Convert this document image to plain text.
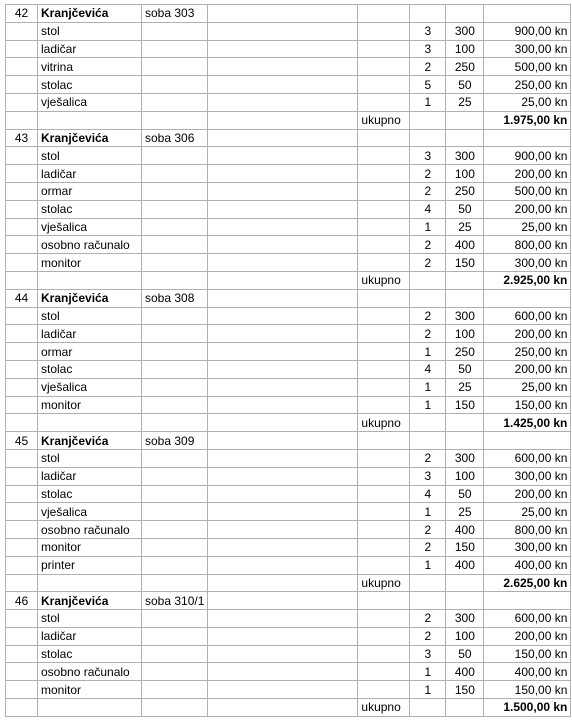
42	Kranjčevića	soba 303					
	stol				3	300	900,00 kn
	ladičar				3	100	300,00 kn
	vitrina				2	250	500,00 kn
	stolac				5	50	250,00 kn
	vješalica				1	25	25,00 kn
				ukupno			1.975,00 kn
43	Kranjčevića	soba 306					
	stol				3	300	900,00 kn
	ladičar				2	100	200,00 kn
	ormar				2	250	500,00 kn
	stolac				4	50	200,00 kn
	vješalica				1	25	25,00 kn
	osobno računalo				2	400	800,00 kn
	monitor				2	150	300,00 kn
				ukupno			2.925,00 kn
44	Kranjčevića	soba 308					
	stol				2	300	600,00 kn
	ladičar				2	100	200,00 kn
	ormar				1	250	250,00 kn
	stolac				4	50	200,00 kn
	vješalica				1	25	25,00 kn
	monitor				1	150	150,00 kn
				ukupno			1.425,00 kn
45	Kranjčevića	soba 309					
	stol				2	300	600,00 kn
	ladičar				3	100	300,00 kn
	stolac				4	50	200,00 kn
	vješalica				1	25	25,00 kn
	osobno računalo				2	400	800,00 kn
	monitor				2	150	300,00 kn
	printer				1	400	400,00 kn
				ukupno			2.625,00 kn
46	Kranjčevića	soba 310/1					
	stol				2	300	600,00 kn
	ladičar				2	100	200,00 kn
	stolac				3	50	150,00 kn
	osobno računalo				1	400	400,00 kn
	monitor				1	150	150,00 kn
				ukupno			1.500,00 kn
